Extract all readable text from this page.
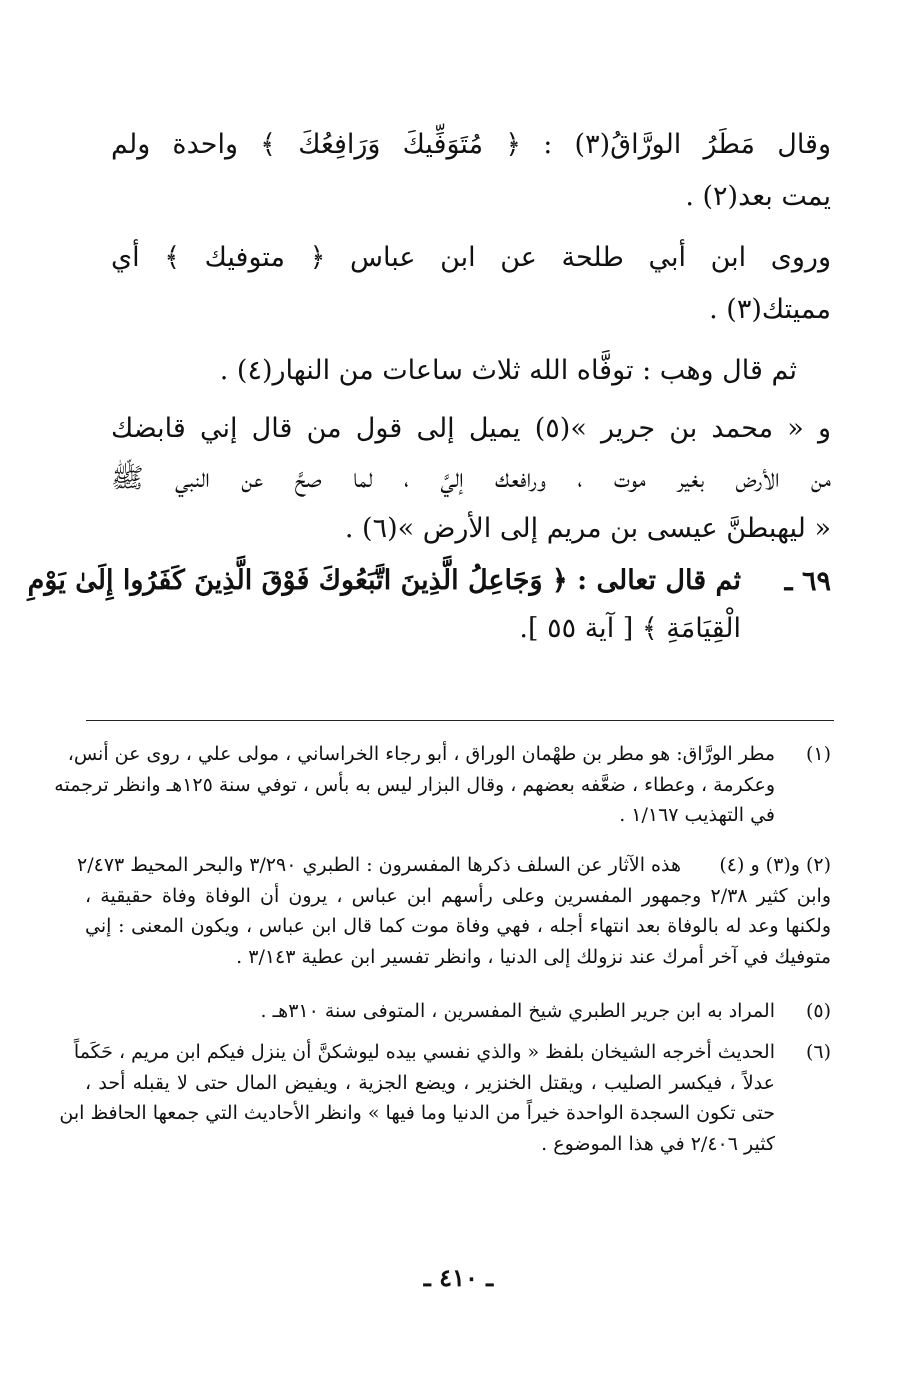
وقال مَطَرُ الورَّاقُ(٣) : ﴿ مُتَوَفِّيكَ وَرَافِعُكَ ﴾ واحدة ولم
يمت بعد(٢) .
وروى ابن أبي طلحة عن ابن عباس ﴿ متوفيك ﴾ أي
مميتك(٣) .
ثم قال وهب : توفَّاه الله ثلاث ساعات من النهار(٤) .
و « محمد بن جرير »(٥) يميل إلى قول من قال إني قابضك
من الأرض بغير موت ، ورافعك إليَّ ، لما صحَّ عن النبي ﷺ
« ليهبطنَّ عيسى بن مريم إلى الأرض »(٦) .
٦٩ ـ
ثم قال تعالى : ﴿ وَجَاعِلُ الَّذِينَ اتَّبَعُوكَ فَوْقَ الَّذِينَ كَفَرُوا إِلَىٰ يَوْمِ
الْقِيَامَةِ ﴾ [ آية ٥٥ ].
(١)
مطر الورَّاق: هو مطر بن طهْمان الوراق ، أبو رجاء الخراساني ، مولى علي ، روى عن أنس،
وعكرمة ، وعطاء ، ضعَّفه بعضهم ، وقال البزار ليس به بأس ، توفي سنة ١٢٥هـ وانظر ترجمته
في التهذيب ١/١٦٧ .
(٢) و(٣) و (٤)
هذه الآثار عن السلف ذكرها المفسرون : الطبري ٣/٢٩٠ والبحر المحيط ٢/٤٧٣
وابن كثير ٢/٣٨ وجمهور المفسرين وعلى رأسهم ابن عباس ، يرون أن الوفاة وفاة حقيقية ،
ولكنها وعد له بالوفاة بعد انتهاء أجله ، فهي وفاة موت كما قال ابن عباس ، ويكون المعنى : إني
متوفيك في آخر أمرك عند نزولك إلى الدنيا ، وانظر تفسير ابن عطية ٣/١٤٣ .
(٥)
المراد به ابن جرير الطبري شيخ المفسرين ، المتوفى سنة ٣١٠هـ .
(٦)
الحديث أخرجه الشيخان بلفظ « والذي نفسي بيده ليوشكنَّ أن ينزل فيكم ابن مريم ، حَكَماً
عدلاً ، فيكسر الصليب ، ويقتل الخنزير ، ويضع الجزية ، ويفيض المال حتى لا يقبله أحد ،
حتى تكون السجدة الواحدة خيراً من الدنيا وما فيها » وانظر الأحاديث التي جمعها الحافظ ابن
كثير ٢/٤٠٦ في هذا الموضوع .
ـ ٤١٠ ـ
